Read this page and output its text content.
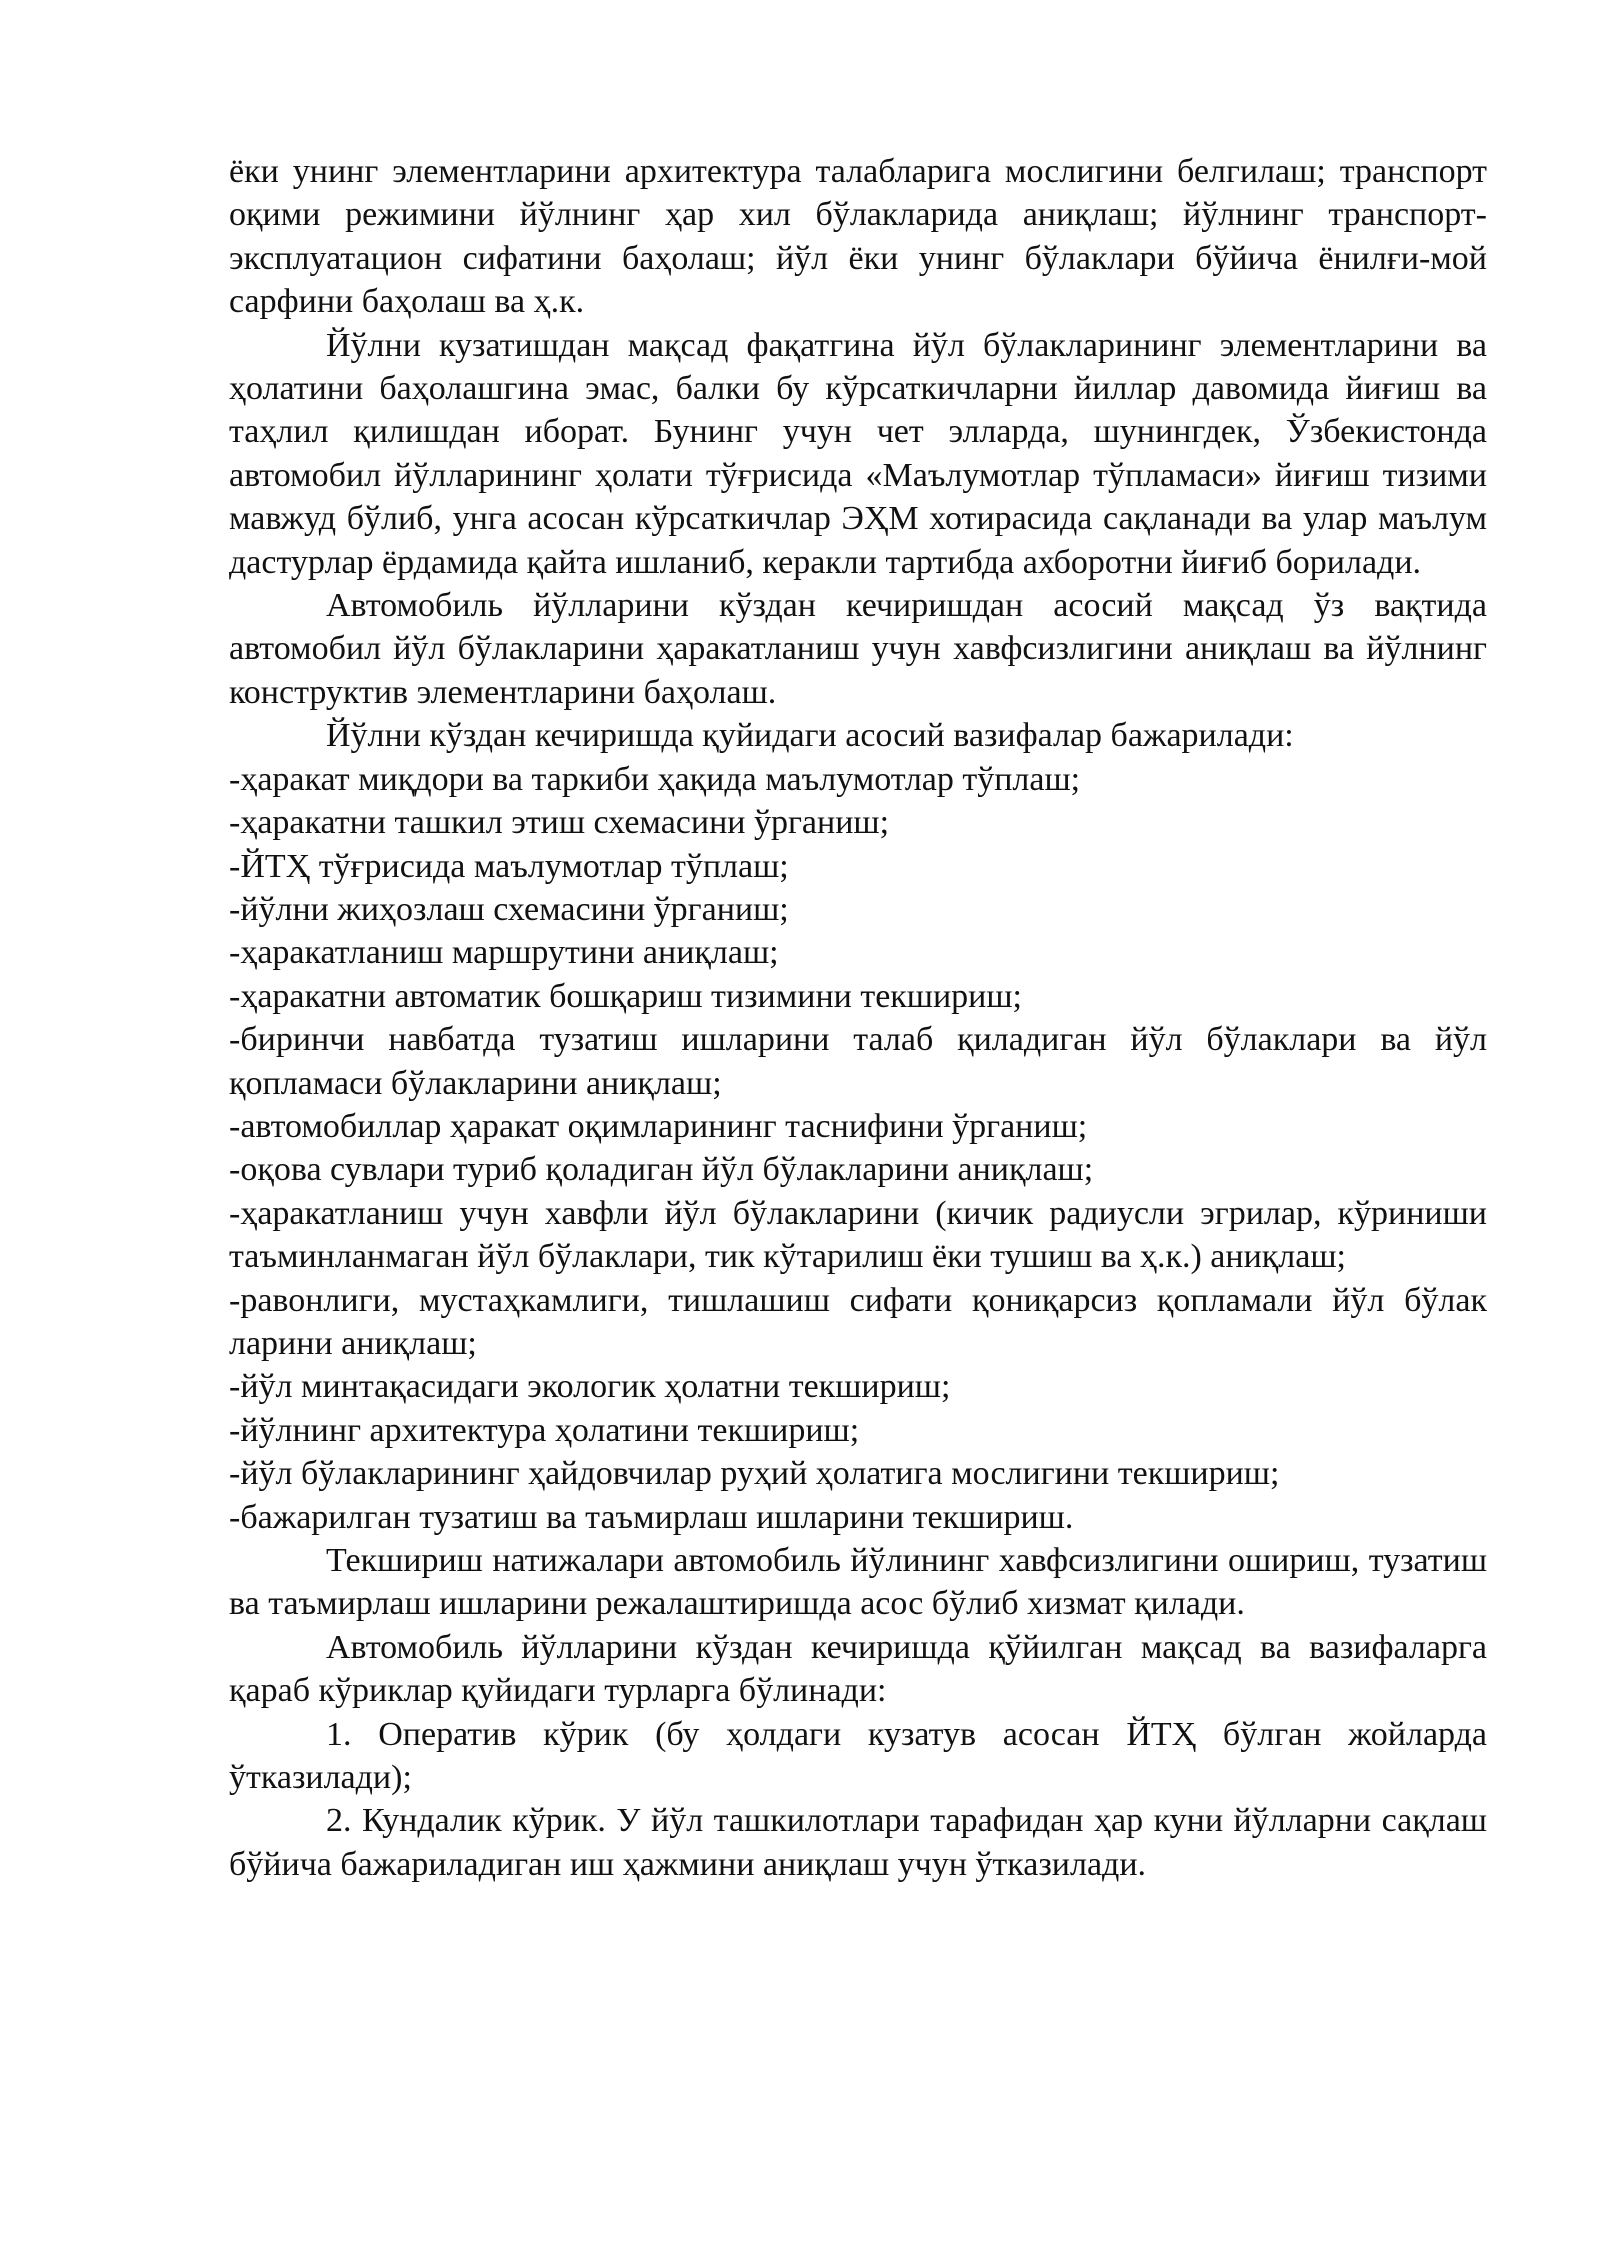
ёки унинг элементларини архитектура талабларига мослигини белгилаш; транспорт оқими режимини йўлнинг ҳар хил бўлакларида аниқлаш; йўлнинг транспорт-эксплуатацион сифатини баҳолаш; йўл ёки унинг бўлаклари бўйича ёнилғи-мой сарфини баҳолаш ва ҳ.к.

Йўлни кузатишдан мақсад фақатгина йўл бўлакларининг элементларини ва ҳолатини баҳолашгина эмас, балки бу кўрсаткичларни йиллар давомида йиғиш ва таҳлил қилишдан иборат. Бунинг учун чет элларда, шунингдек, Ўзбекистонда автомобил йўлларининг ҳолати тўғрисида «Маълумотлар тўпламаси» йиғиш тизими мавжуд бўлиб, унга асосан кўрсаткичлар ЭҲМ хотирасида сақланади ва улар маълум дастурлар ёрдамида қайта ишланиб, керакли тартибда ахборотни йиғиб борилади.

Автомобиль йўлларини кўздан кечиришдан асосий мақсад ўз вақтида автомобил йўл бўлакларини ҳаракатланиш учун хавфсизлигини аниқлаш ва йўлнинг конструктив элементларини баҳолаш.

Йўлни кўздан кечиришда қуйидаги асосий вазифалар бажарилади:

-ҳаракат миқдори ва таркиби ҳақида маълумотлар тўплаш;

-ҳаракатни ташкил этиш схемасини ўрганиш;

-ЙТҲ тўғрисида маълумотлар тўплаш;

-йўлни жиҳозлаш схемасини ўрганиш;

-ҳаракатланиш маршрутини аниқлаш;

-ҳаракатни автоматик бошқариш тизимини текшириш;

-биринчи навбатда тузатиш ишларини талаб қиладиган йўл бўлаклари ва йўл қопламаси бўлакларини аниқлаш;

-автомобиллар ҳаракат оқимларининг таснифини ўрганиш;

-оқова сувлари туриб қоладиган йўл бўлакларини аниқлаш;

-ҳаракатланиш учун хавфли йўл бўлакларини (кичик радиусли эгрилар, кўриниши таъминланмаган йўл бўлаклари, тик кўтарилиш ёки тушиш ва ҳ.к.) аниқлаш;

-равонлиги, мустаҳкамлиги, тишлашиш сифати қониқарсиз қопламали йўл бўлак ларини аниқлаш;

-йўл минтақасидаги экологик ҳолатни текшириш;

-йўлнинг архитектура ҳолатини текшириш;

-йўл бўлакларининг ҳайдовчилар руҳий ҳолатига мослигини текшириш;

-бажарилган тузатиш ва таъмирлаш ишларини текшириш.

Текшириш натижалари автомобиль йўлининг хавфсизлигини ошириш, тузатиш ва таъмирлаш ишларини режалаштиришда асос бўлиб хизмат қилади.

Автомобиль йўлларини кўздан кечиришда қўйилган мақсад ва вазифаларга қараб кўриклар қуйидаги турларга бўлинади:

1. Оператив кўрик (бу ҳолдаги кузатув асосан ЙТҲ бўлган жойларда ўтказилади);

2. Кундалик кўрик. У йўл ташкилотлари тарафидан ҳар куни йўлларни сақлаш бўйича бажариладиган иш ҳажмини аниқлаш учун ўтказилади.
